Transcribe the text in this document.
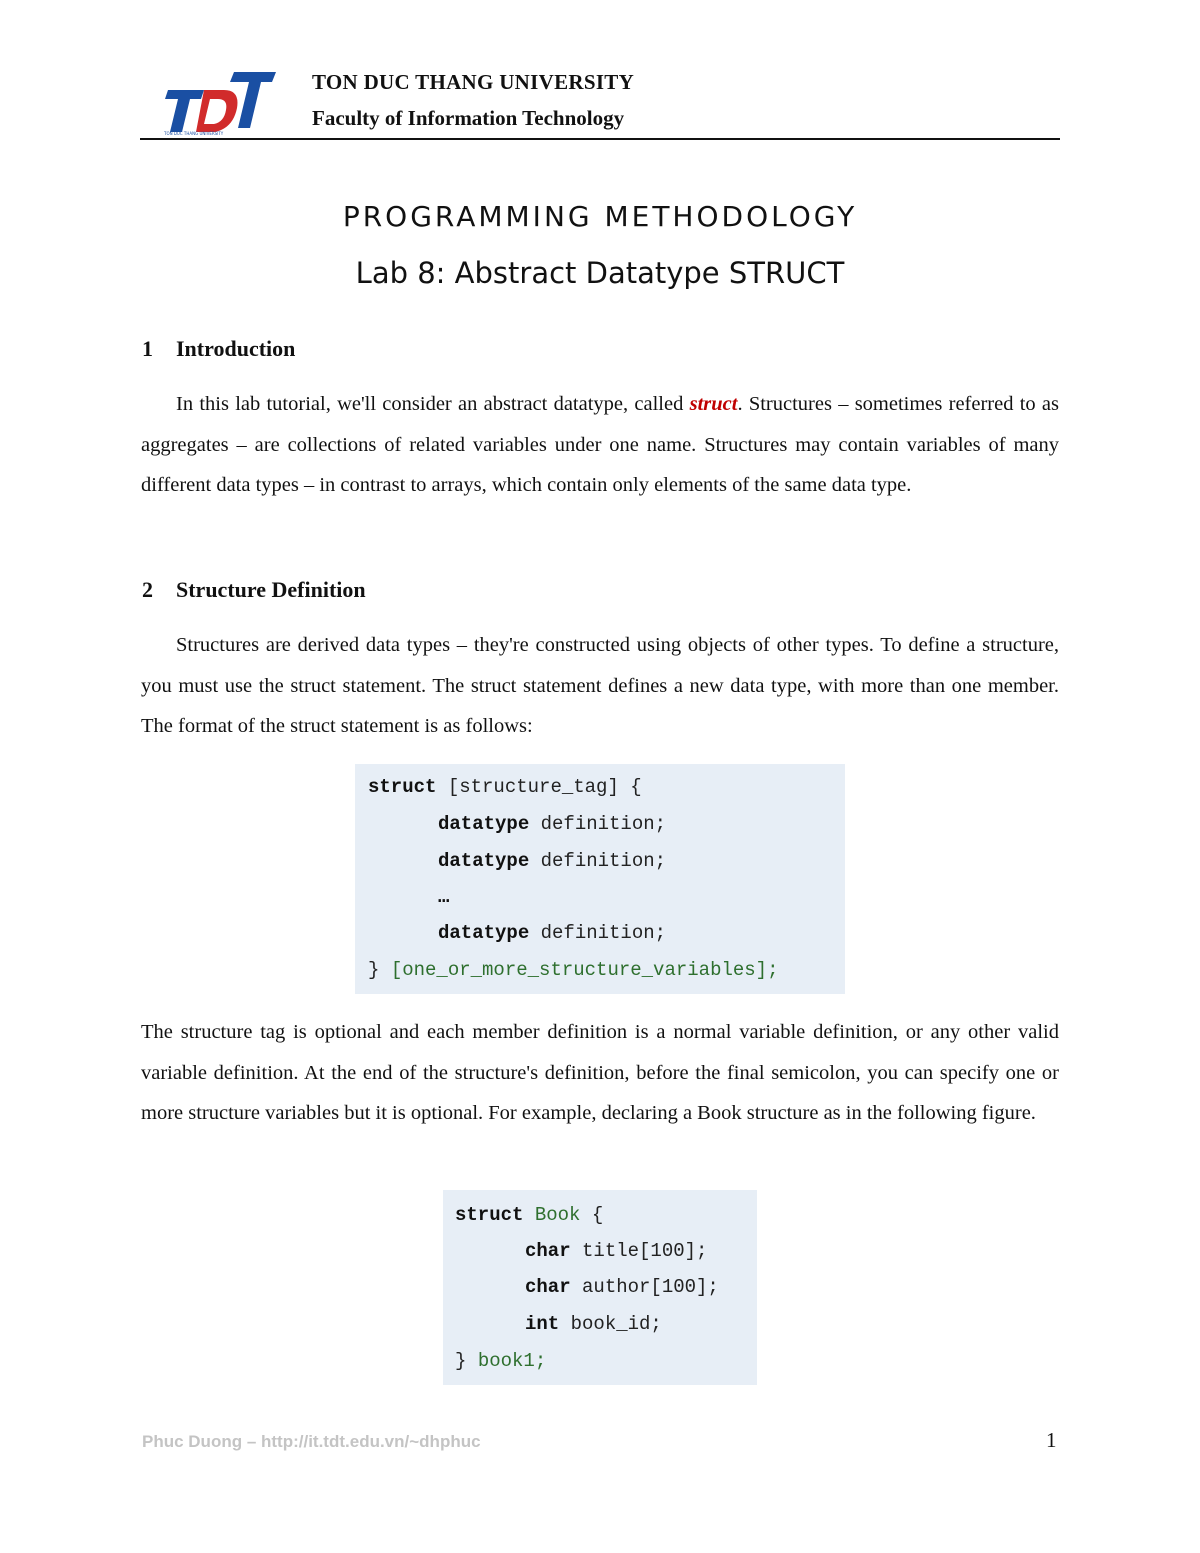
TON DUC THANG UNIVERSITY
TON DUC THANG UNIVERSITY
Faculty of Information Technology
PROGRAMMING METHODOLOGY
Lab 8: Abstract Datatype STRUCT
1 Introduction

In this lab tutorial, we'll consider an abstract datatype, called struct. Structures – sometimes referred to as aggregates – are collections of related variables under one name. Structures may contain variables of many different data types – in contrast to arrays, which contain only elements of the same data type.

2 Structure Definition

Structures are derived data types – they're constructed using objects of other types. To define a structure, you must use the struct statement. The struct statement defines a new data type, with more than one member. The format of the struct statement is as follows:

struct [structure_tag] {
datatype definition;
datatype definition;
…
datatype definition;
} [one_or_more_structure_variables];

The structure tag is optional and each member definition is a normal variable definition, or any other valid variable definition. At the end of the structure's definition, before the final semicolon, you can specify one or more structure variables but it is optional. For example, declaring a Book structure as in the following figure.

struct Book {
char title[100];
char author[100];
int book_id;
} book1;
Phuc Duong – http://it.tdt.edu.vn/~dhphuc	1
